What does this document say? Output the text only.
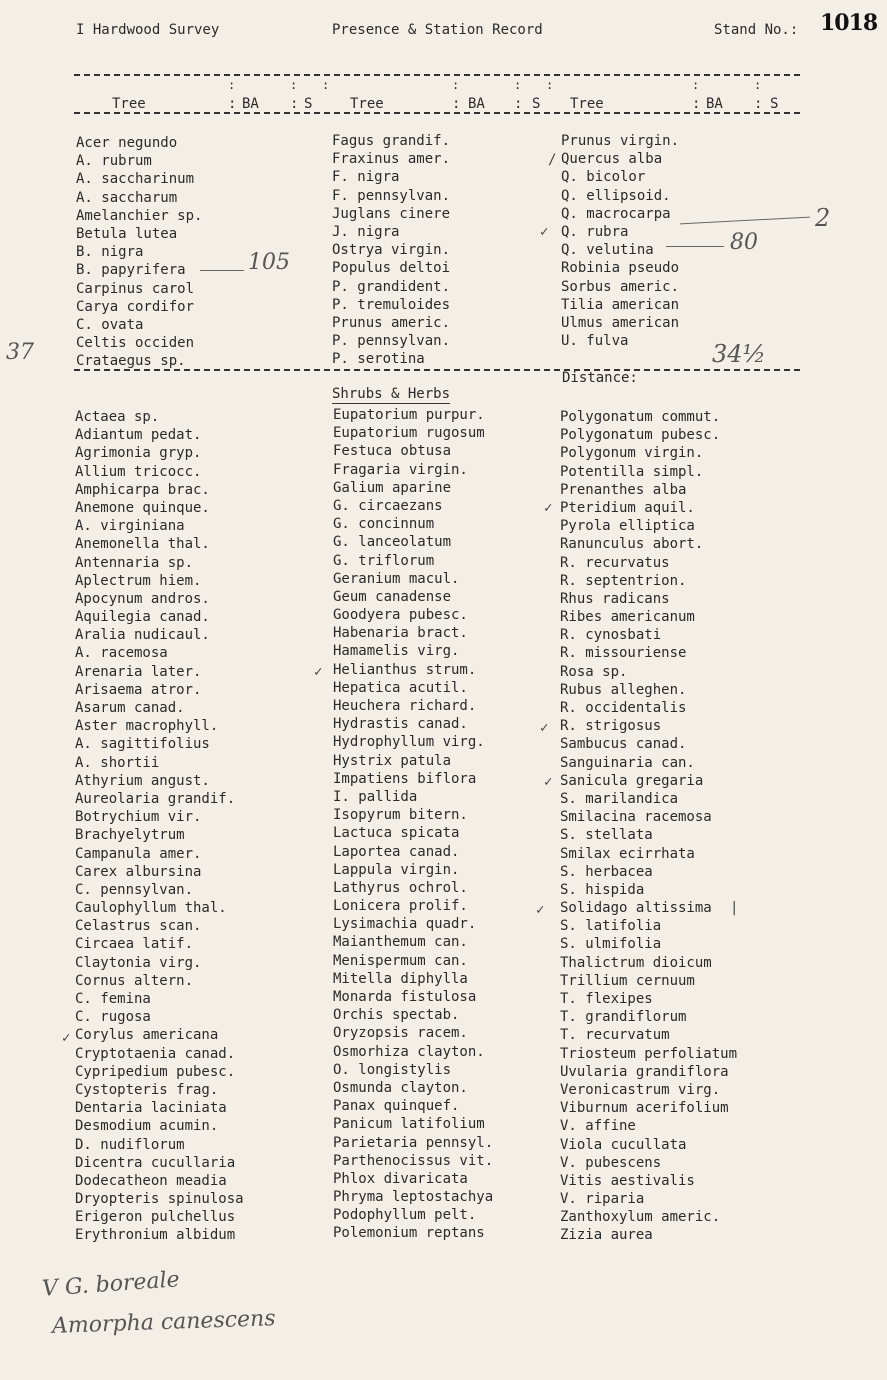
I Hardwood Survey	Presence & Station Record	Stand No.: 1018
:	: :	:	: :	:	:
Tree	: BA : S	Tree	: BA : S Tree	: BA : S
Acer negundo
A. rubrum
A. saccharinum
A. saccharum
Amelanchier sp.
Betula lutea
B. nigra
B. papyrifera
Carpinus carol
Carya cordifor
C. ovata
Celtis occiden
Crataegus sp.
Fagus grandif.
Fraxinus amer.
F. nigra
F. pennsylvan.
Juglans cinere
J. nigra
Ostrya virgin.
Populus deltoi
P. grandident.
P. tremuloides
Prunus americ.
P. pennsylvan.
P. serotina
Prunus virgin.
Quercus alba
Q. bicolor
Q. ellipsoid.
Q. macrocarpa
Q. rubra
Q. velutina
Robinia pseudo
Sorbus americ.
Tilia american
Ulmus american
U. fulva
Distance:
Shrubs & Herbs
Actaea sp.
Adiantum pedat.
Agrimonia gryp.
Allium tricocc.
Amphicarpa brac.
Anemone quinque.
A. virginiana
Anemonella thal.
Antennaria sp.
Aplectrum hiem.
Apocynum andros.
Aquilegia canad.
Aralia nudicaul.
A. racemosa
Arenaria later.
Arisaema atror.
Asarum canad.
Aster macrophyll.
A. sagittifolius
A. shortii
Athyrium angust.
Aureolaria grandif.
Botrychium vir.
Brachyelytrum
Campanula amer.
Carex albursina
C. pennsylvan.
Caulophyllum thal.
Celastrus scan.
Circaea latif.
Claytonia virg.
Cornus altern.
C. femina
C. rugosa
Corylus americana
Cryptotaenia canad.
Cypripedium pubesc.
Cystopteris frag.
Dentaria laciniata
Desmodium acumin.
D. nudiflorum
Dicentra cucullaria
Dodecatheon meadia
Dryopteris spinulosa
Erigeron pulchellus
Erythronium albidum
Eupatorium purpur.
Eupatorium rugosum
Festuca obtusa
Fragaria virgin.
Galium aparine
G. circaezans
G. concinnum
G. lanceolatum
G. triflorum
Geranium macul.
Geum canadense
Goodyera pubesc.
Habenaria bract.
Hamamelis virg.
Helianthus strum.
Hepatica acutil.
Heuchera richard.
Hydrastis canad.
Hydrophyllum virg.
Hystrix patula
Impatiens biflora
I. pallida
Isopyrum bitern.
Lactuca spicata
Laportea canad.
Lappula virgin.
Lathyrus ochrol.
Lonicera prolif.
Lysimachia quadr.
Maianthemum can.
Menispermum can.
Mitella diphylla
Monarda fistulosa
Orchis spectab.
Oryzopsis racem.
Osmorhiza clayton.
O. longistylis
Osmunda clayton.
Panax quinquef.
Panicum latifolium
Parietaria pennsyl.
Parthenocissus vit.
Phlox divaricata
Phryma leptostachya
Podophyllum pelt.
Polemonium reptans
Polygonatum commut.
Polygonatum pubesc.
Polygonum virgin.
Potentilla simpl.
Prenanthes alba
Pteridium aquil.
Pyrola elliptica
Ranunculus abort.
R. recurvatus
R. septentrion.
Rhus radicans
Ribes americanum
R. cynosbati
R. missouriense
Rosa sp.
Rubus alleghen.
R. occidentalis
R. strigosus
Sambucus canad.
Sanguinaria can.
Sanicula gregaria
S. marilandica
Smilacina racemosa
S. stellata
Smilax ecirrhata
S. herbacea
S. hispida
Solidago altissima
S. latifolia
S. ulmifolia
Thalictrum dioicum
Trillium cernuum
T. flexipes
T. grandiflorum
T. recurvatum
Triosteum perfoliatum
Uvularia grandiflora
Veronicastrum virg.
Viburnum acerifolium
V. affine
Viola cucullata
V. pubescens
Vitis aestivalis
V. riparia
Zanthoxylum americ.
Zizia aurea
105
2
80
37	34½
/
✓
✓
✓
✓
✓
✓	|
✓
V G. boreale
Amorpha canescens
